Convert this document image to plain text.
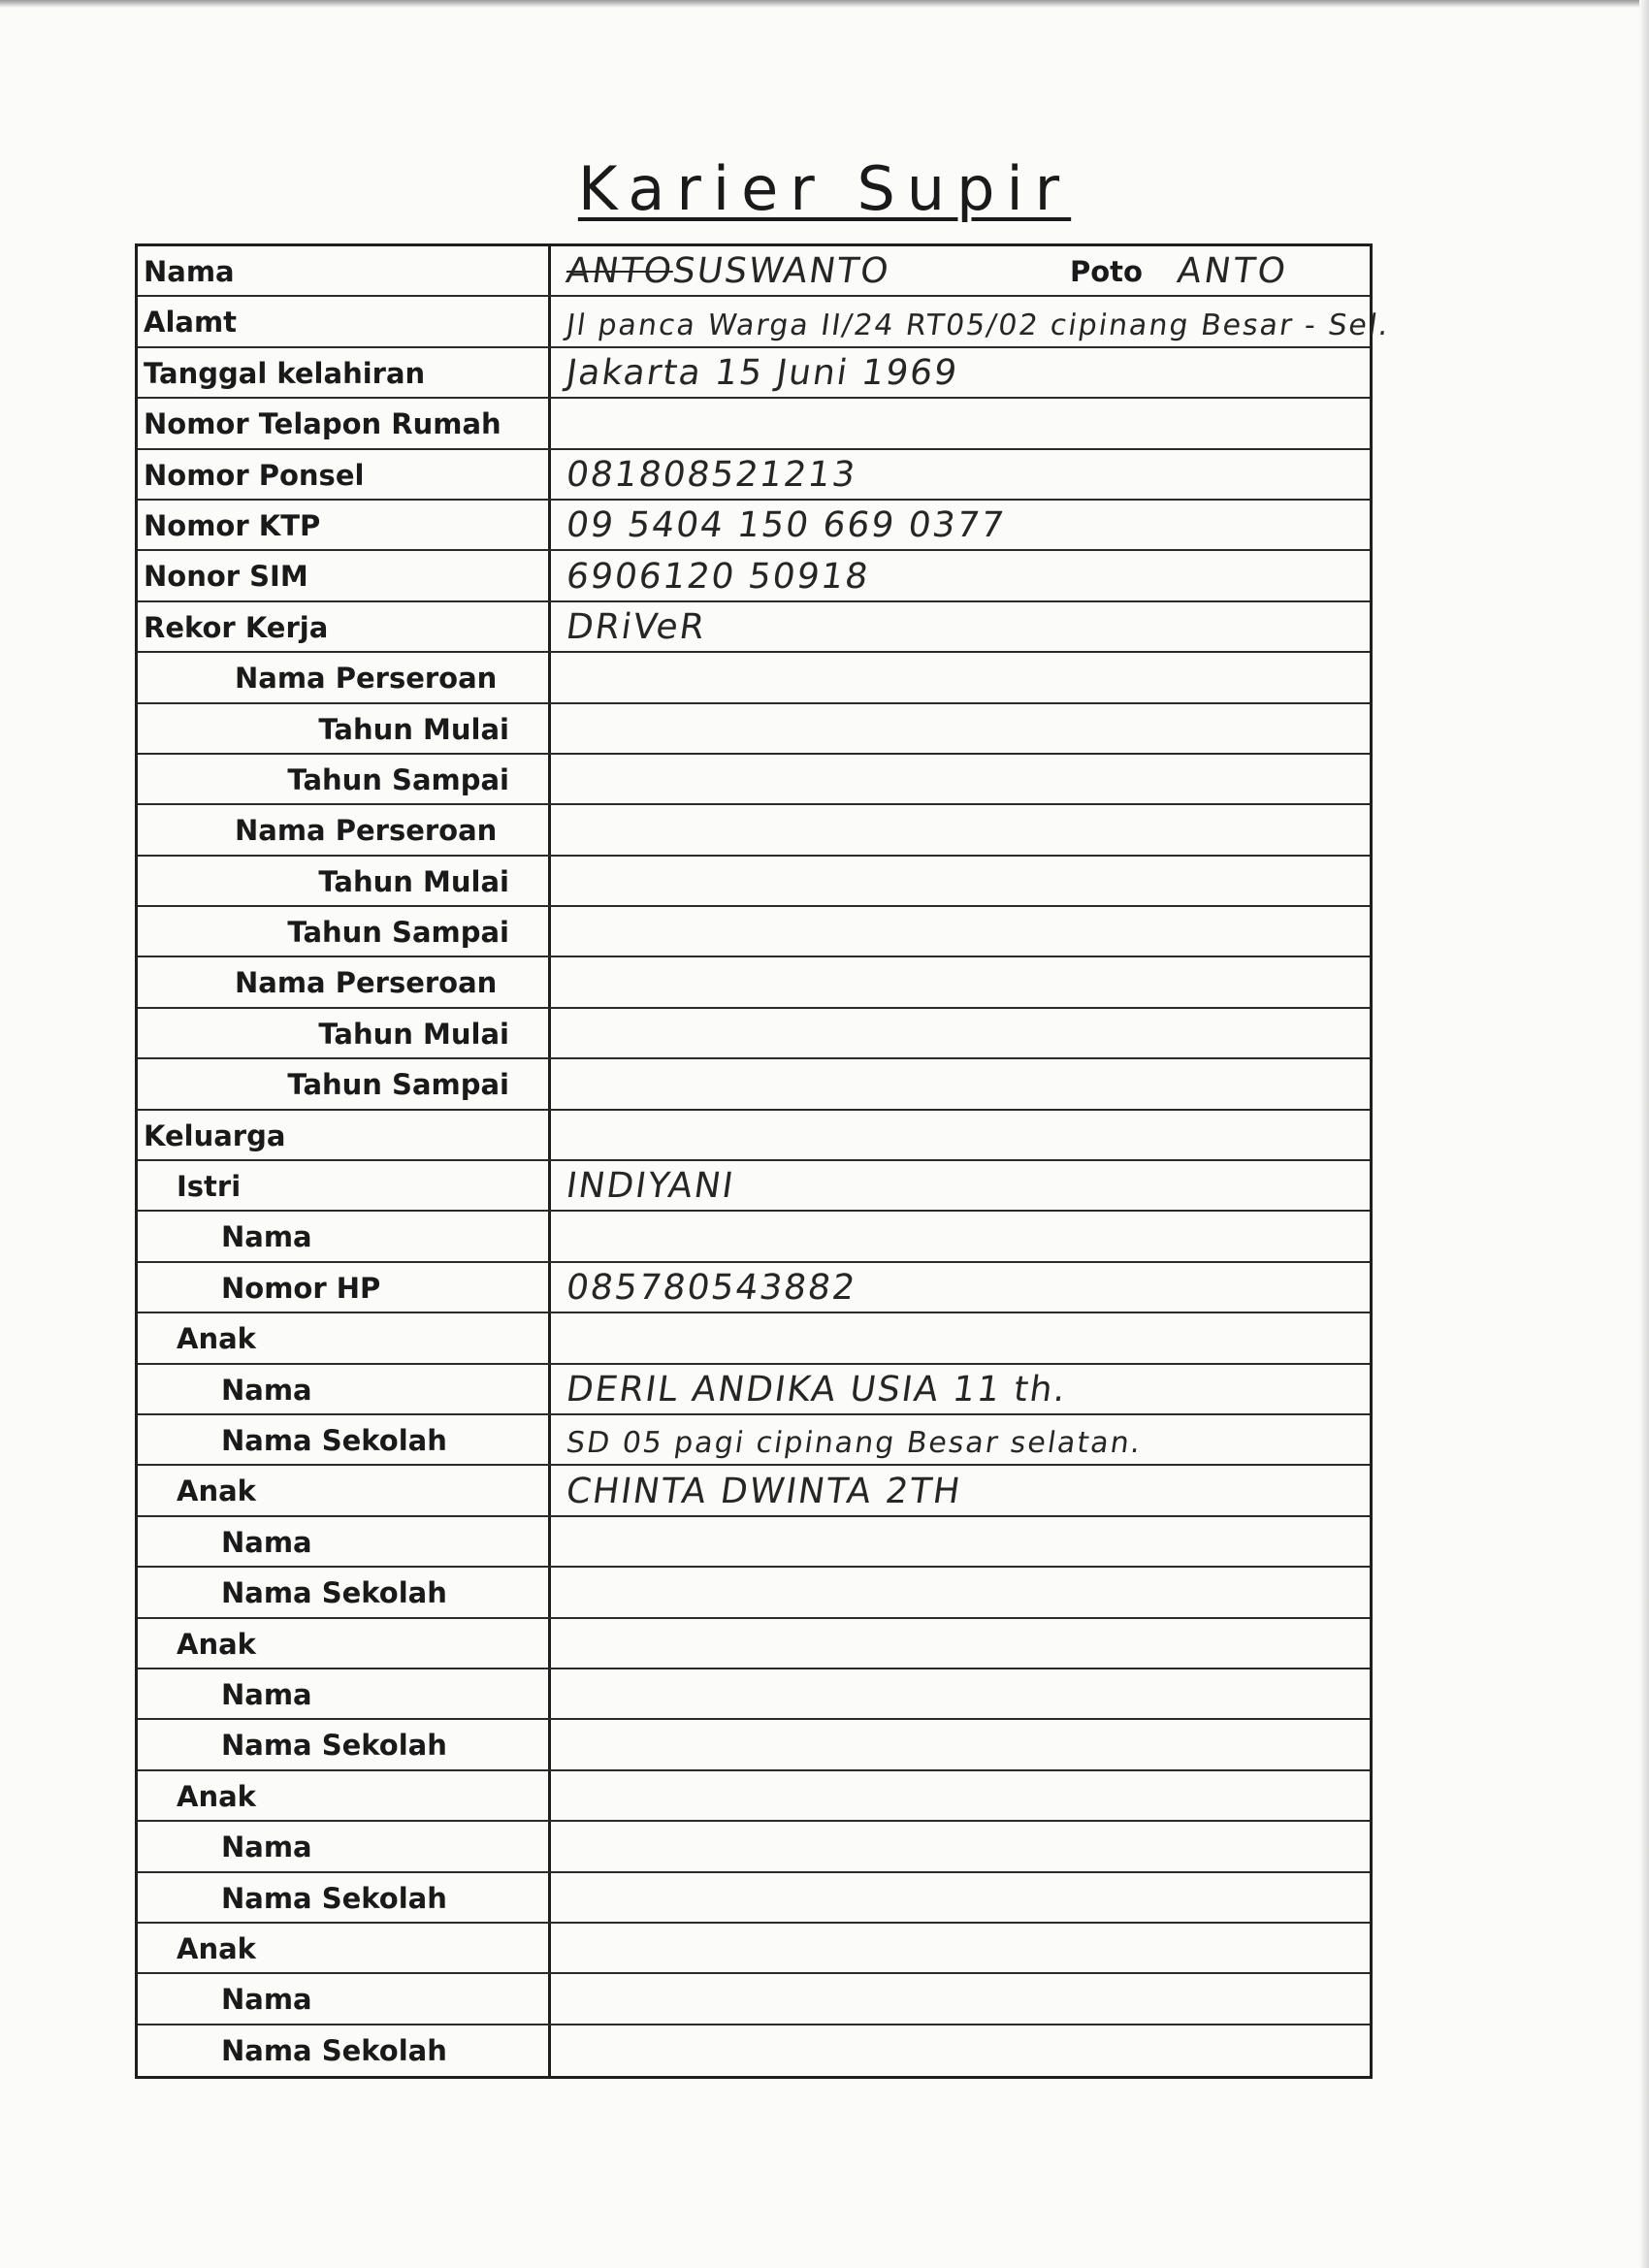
Karier Supir
Nama	ANTOSUSWANTO	Poto ANTO
Alamt	Jl panca Warga II/24 RT05/02 cipinang Besar - Sel.
Tanggal kelahiran	Jakarta 15 Juni 1969
Nomor Telapon Rumah
Nomor Ponsel	081808521213
Nomor KTP	09 5404 150 669 0377
Nonor SIM	6906120 50918
Rekor Kerja	DRiVeR
Nama Perseroan
Tahun Mulai
Tahun Sampai
Nama Perseroan
Tahun Mulai
Tahun Sampai
Nama Perseroan
Tahun Mulai
Tahun Sampai
Keluarga
Istri	INDIYANI
Nama
Nomor HP	085780543882
Anak
Nama	DERIL ANDIKA USIA 11 th.
Nama Sekolah	SD 05 pagi cipinang Besar selatan.
Anak	CHINTA DWINTA 2TH
Nama
Nama Sekolah
Anak
Nama
Nama Sekolah
Anak
Nama
Nama Sekolah
Anak
Nama
Nama Sekolah
